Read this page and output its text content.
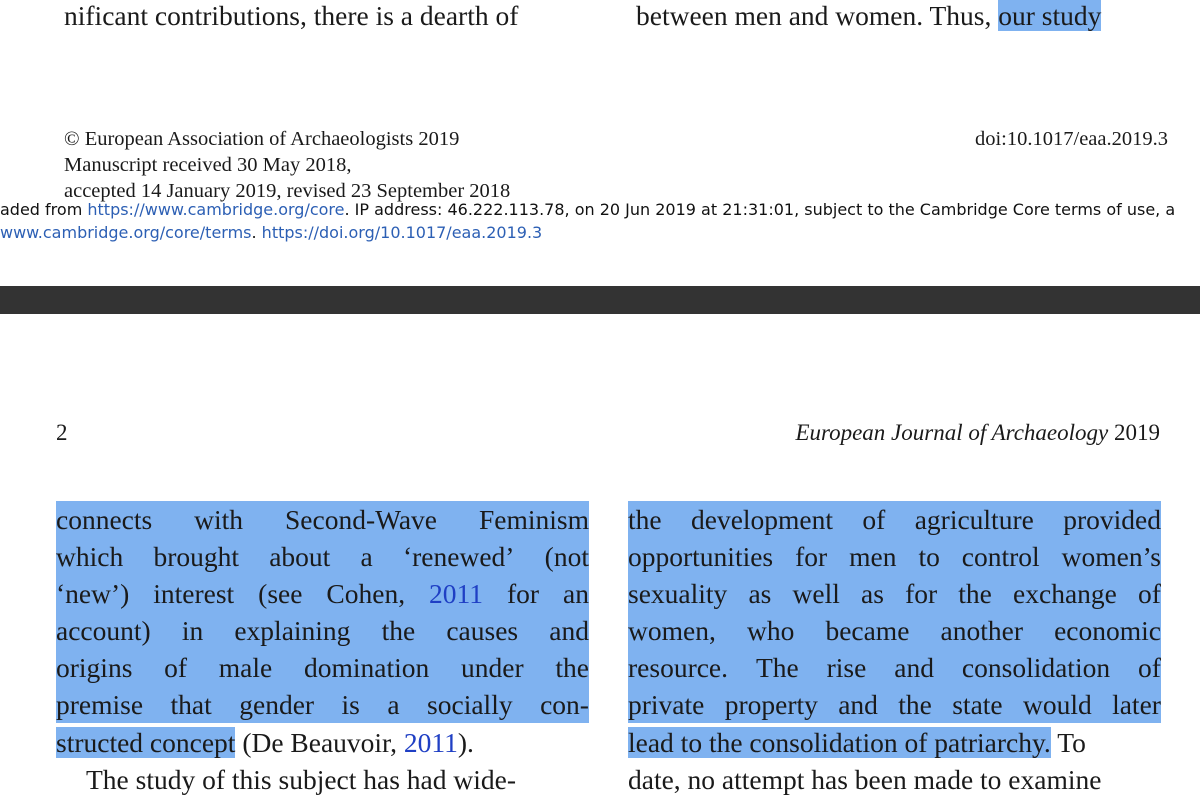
nificant contributions, there is a dearth of	between men and women. Thus, our study
© European Association of Archaeologists 2019	doi:10.1017/eaa.2019.3
Manuscript received 30 May 2018,
accepted 14 January 2019, revised 23 September 2018
aded from https://www.cambridge.org/core. IP address: 46.222.113.78, on 20 Jun 2019 at 21:31:01, subject to the Cambridge Core terms of use, a
www.cambridge.org/core/terms. https://doi.org/10.1017/eaa.2019.3
2	European Journal of Archaeology 2019
connects with Second-Wave Feminism
which brought about a ‘renewed’ (not
‘new’) interest (see Cohen, 2011 for an
account) in explaining the causes and
origins of male domination under the
premise that gender is a socially con-
structed concept (De Beauvoir, 2011).
The study of this subject has had wide-
the development of agriculture provided
opportunities for men to control women’s
sexuality as well as for the exchange of
women, who became another economic
resource. The rise and consolidation of
private property and the state would later
lead to the consolidation of patriarchy. To
date, no attempt has been made to examine
